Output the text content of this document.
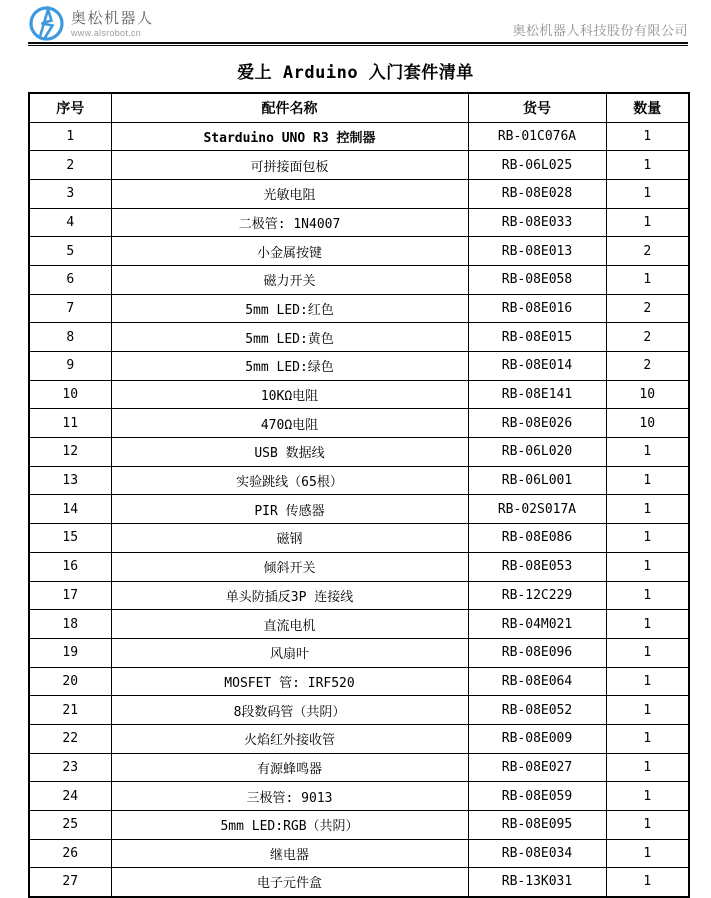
奥松机器人
www.alsrobot.cn	奥松机器人科技股份有限公司
爱上 Arduino 入门套件清单
序号	配件名称	货号	数量
1	Starduino UNO R3 控制器	RB-01C076A	1
2	可拼接面包板	RB-06L025	1
3	光敏电阻	RB-08E028	1
4	二极管: 1N4007	RB-08E033	1
5	小金属按键	RB-08E013	2
6	磁力开关	RB-08E058	1
7	5mm LED:红色	RB-08E016	2
8	5mm LED:黄色	RB-08E015	2
9	5mm LED:绿色	RB-08E014	2
10	10KΩ电阻	RB-08E141	10
11	470Ω电阻	RB-08E026	10
12	USB 数据线	RB-06L020	1
13	实验跳线（65根）	RB-06L001	1
14	PIR 传感器	RB-02S017A	1
15	磁钢	RB-08E086	1
16	倾斜开关	RB-08E053	1
17	单头防插反3P 连接线	RB-12C229	1
18	直流电机	RB-04M021	1
19	风扇叶	RB-08E096	1
20	MOSFET 管: IRF520	RB-08E064	1
21	8段数码管（共阴）	RB-08E052	1
22	火焰红外接收管	RB-08E009	1
23	有源蜂鸣器	RB-08E027	1
24	三极管: 9013	RB-08E059	1
25	5mm LED:RGB（共阴）	RB-08E095	1
26	继电器	RB-08E034	1
27	电子元件盒	RB-13K031	1
